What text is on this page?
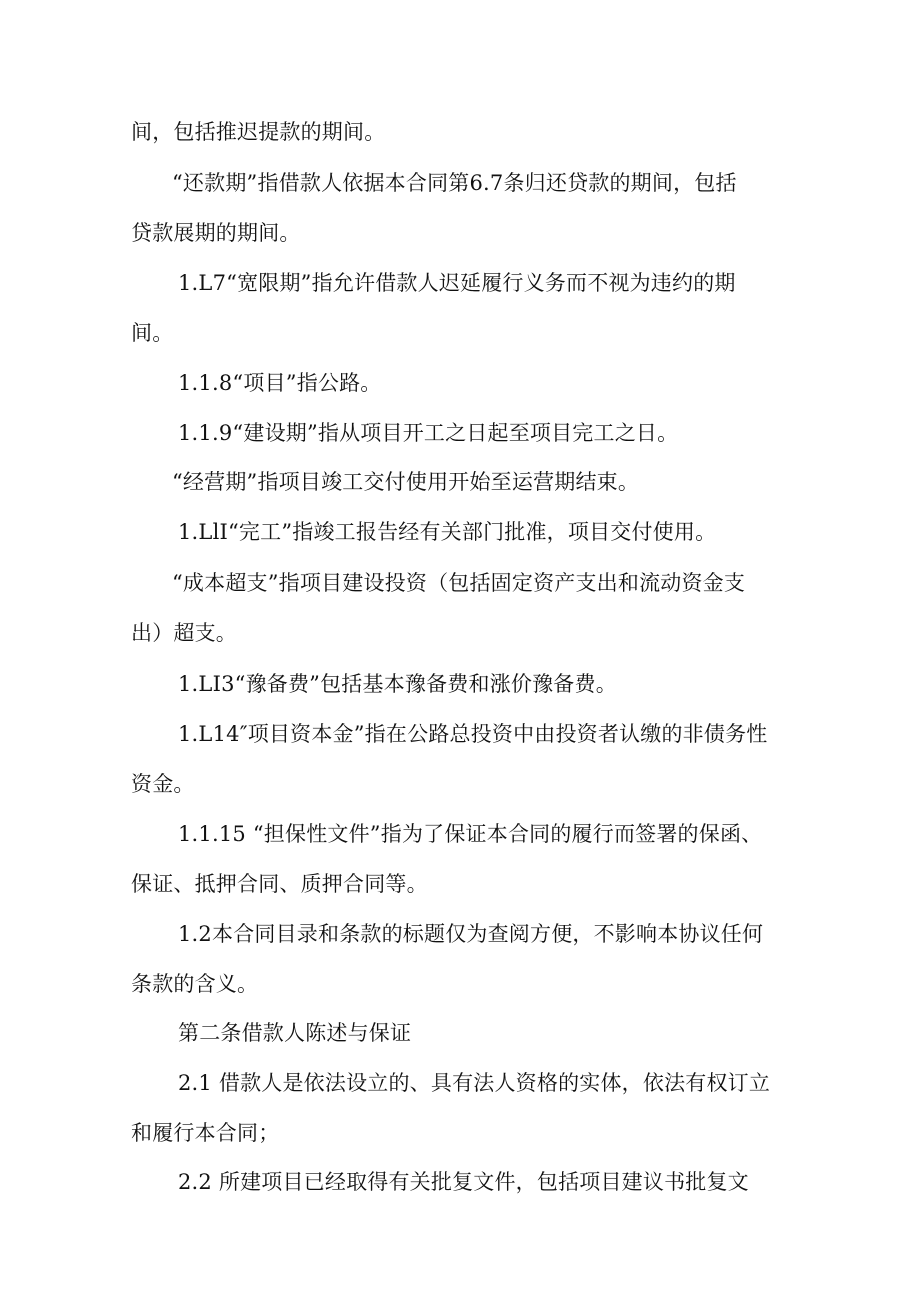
间，包括推迟提款的期间。
“还款期”指借款人依据本合同第6.7条归还贷款的期间，包括
贷款展期的期间。
1.L7“宽限期”指允许借款人迟延履行义务而不视为违约的期
间。
1.1.8“项目”指公路。
1.1.9“建设期”指从项目开工之日起至项目完工之日。
“经营期”指项目竣工交付使用开始至运营期结束。
1.LlI“完工”指竣工报告经有关部门批准，项目交付使用。
“成本超支”指项目建设投资（包括固定资产支出和流动资金支
出）超支。
1.LI3“豫备费”包括基本豫备费和涨价豫备费。
1.L14″项目资本金”指在公路总投资中由投资者认缴的非债务性
资金。
1.1.15 “担保性文件”指为了保证本合同的履行而签署的保函、
保证、抵押合同、质押合同等。
1.2本合同目录和条款的标题仅为查阅方便，不影响本协议任何
条款的含义。
第二条借款人陈述与保证
2.1 借款人是依法设立的、具有法人资格的实体，依法有权订立
和履行本合同；
2.2 所建项目已经取得有关批复文件，包括项目建议书批复文
